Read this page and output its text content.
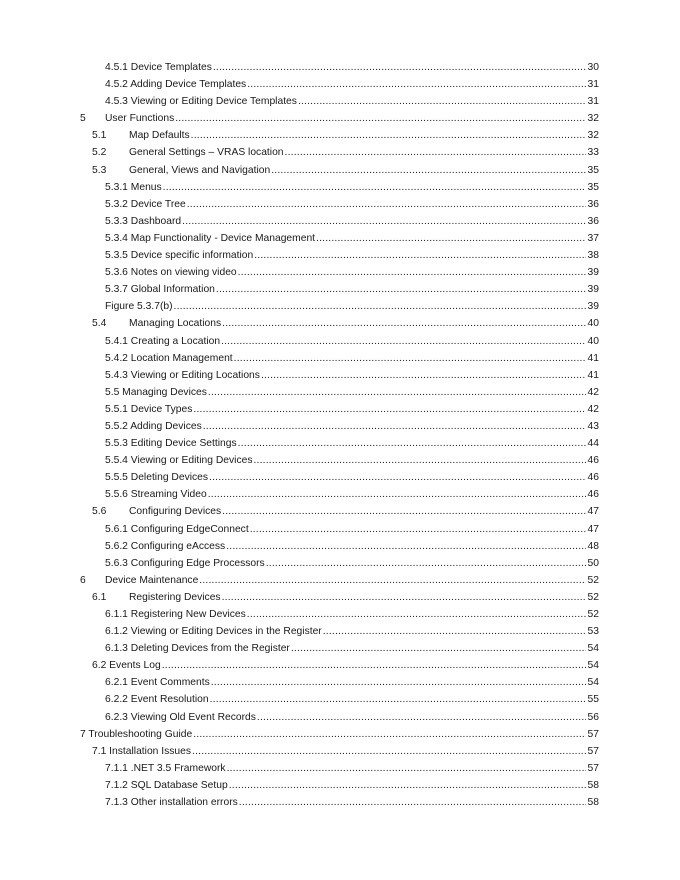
4.5.1 Device Templates .....	30
4.5.2 Adding Device Templates .....	31
4.5.3 Viewing or Editing Device Templates .....	31
5 User Functions .....	32
5.1 Map Defaults .....	32
5.2 General Settings – VRAS location .....	33
5.3 General, Views and Navigation .....	35
5.3.1 Menus .....	35
5.3.2 Device Tree .....	36
5.3.3 Dashboard .....	36
5.3.4 Map Functionality - Device Management .....	37
5.3.5 Device specific information .....	38
5.3.6 Notes on viewing video .....	39
5.3.7 Global Information .....	39
Figure 5.3.7(b) .....	39
5.4 Managing Locations .....	40
5.4.1 Creating a Location .....	40
5.4.2 Location Management .....	41
5.4.3 Viewing or Editing Locations .....	41
5.5 Managing Devices .....	42
5.5.1 Device Types .....	42
5.5.2 Adding Devices .....	43
5.5.3 Editing Device Settings .....	44
5.5.4 Viewing or Editing Devices .....	46
5.5.5 Deleting Devices .....	46
5.5.6 Streaming Video .....	46
5.6 Configuring Devices .....	47
5.6.1 Configuring EdgeConnect .....	47
5.6.2 Configuring eAccess .....	48
5.6.3 Configuring Edge Processors .....	50
6 Device Maintenance .....	52
6.1 Registering Devices .....	52
6.1.1 Registering New Devices .....	52
6.1.2 Viewing or Editing Devices in the Register .....	53
6.1.3 Deleting Devices from the Register .....	54
6.2 Events Log .....	54
6.2.1 Event Comments .....	54
6.2.2 Event Resolution .....	55
6.2.3 Viewing Old Event Records .....	56
7 Troubleshooting Guide .....	57
7.1 Installation Issues .....	57
7.1.1 .NET 3.5 Framework .....	57
7.1.2 SQL Database Setup .....	58
7.1.3 Other installation errors .....	58
